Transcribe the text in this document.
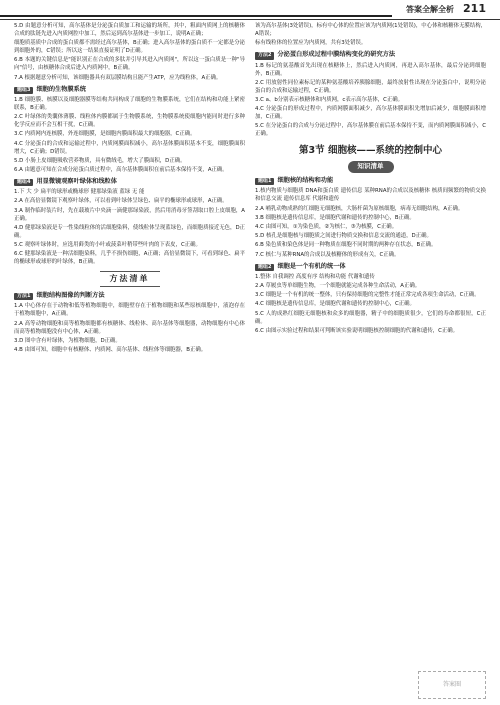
答案全解全析 211

5.D 由题意分析可知，高尔基体是分泌蛋白质加工和运输的场所，其中，粗面内质网上的核糖体合成的肽链先进入内质网腔中加工，然后运到高尔基体进一步加工，说明A正确；

细胞质基质中合成的蛋白质都不需经过高尔基体，B正确；进入高尔基体的蛋白质不一定都是分泌到细胞外的，C错误；所以这一结果直接证明了D正确。

6.B 本题的关键信息是"能识别正在合成的多肽并引导其进入内质网"，所以这一蛋白质是一种"导向"信号，由核糖体合成后进入内质网中，B正确。

7.A 根据题意分析可知，该细胞器具有双层膜结构且能产生ATP，应为线粒体，A正确。

题组3 细胞的生物膜系统

1.B 细胞膜、核膜以及细胞器膜等结构共同构成了细胞的生物膜系统，它们在结构和功能上紧密联系，B正确。

2.C 叶绿体的类囊体薄膜、线粒体内膜都属于生物膜系统，生物膜系统使细胞内能同时进行多种化学反应而不会互相干扰，C正确。

3.C 内质网内连核膜，外连细胞膜，是细胞内膜面积最大的细胞器，C正确。

4.C 分泌蛋白的合成和运输过程中，内质网膜面积减小，高尔基体膜面积基本不变，细胞膜面积增大，C正确；D错误。

5.D 小肠上皮细胞吸收营养物质，具有微绒毛，增大了膜面积，D正确。

6.A 由题意可知在合成分泌蛋白质过程中，高尔基体膜面积在前后基本保持不变，A正确。

题组4 用显微镜观察叶绿体和线粒体

1.下 大 少 扁平的球形或椭球形 健那绿染液 蓝绿 无 能

2.A 在高倍显微镜下观察叶绿体，可以看到叶绿体呈绿色、扁平的椭球形或球形，A正确。

3.A 制作临时装片时，先在载玻片中央滴一滴健那绿染液，然后用消毒牙签刮取口腔上皮细胞，A正确。

4.D 健那绿染液是专一性染线粒体的活细胞染料，使线粒体呈现蓝绿色，而细胞质接近无色，D正确。

5.C 观察叶绿体时，应选用藓类的小叶或菠菜叶稍带些叶肉的下表皮，C正确。

6.C 健那绿染液是一种活细胞染料，几乎不损伤细胞，A正确；高倍显微镜下，可看到绿色、扁平的椭球形或球形的叶绿体，B正确。

方法清单
方法1 细胞结构图像的判断方法

1.A 中心体存在于动物和低等植物细胞中，细胞壁存在于植物细胞和某些原核细胞中，液泡存在于植物细胞中，A正确。

2.A 高等动物细胞和高等植物细胞都有核糖体、线粒体、高尔基体等细胞器，动物细胞有中心体而高等植物细胞没有中心体，A正确。

3.D 图中含有叶绿体，为植物细胞，D正确。

4.B 由图可知，细胞中有核糖体、内质网、高尔基体、线粒体等细胞器，B正确。

该为高尔基体(3处错误)，标有中心体的位置应该为内质网(1处错误)，中心体和核糖体无膜结构，A错误；

标有线粒体的位置应为内质网，共有3处错误。

方法2 分泌蛋白形成过程中膜结构变化的研究方法

1.B 标记的氨基酸首先出现在核糖体上，然后进入内质网，再进入高尔基体，最后分泌到细胞外，B正确。

2.C 用放射性同位素标记的某种氨基酸培养胰腺细胞，最终放射性出现在分泌蛋白中，说明分泌蛋白的合成和运输过程，C正确。

3.C a、b分别表示核糖体和内质网，c表示高尔基体，C正确。

4.C 分泌蛋白的形成过程中，内质网膜面积减少，高尔基体膜面积先增加后减少，细胞膜面积增加，C正确。

5.C 在分泌蛋白的合成与分泌过程中，高尔基体膜在前后基本保持不变，而内质网膜面积减小，C正确。

第3节 细胞核——系统的控制中心
知识清单
题组1 细胞核的结构和功能

1.核内物质与细胞质 DNA和蛋白质 遗传信息 某种RNA的合成以及核糖体 核质间频繁的物质交换和信息交流 遗传信息库 代谢和遗传

2.A 哺乳动物成熟的红细胞无细胞核，大肠杆菌为原核细胞，病毒无细胞结构，A正确。

3.B 细胞核是遗传信息库，是细胞代谢和遗传的控制中心，B正确。

4.C 由图可知，①为染色质，②为核仁，③为核膜，C正确。

5.D 核孔是细胞核与细胞质之间进行物质交换和信息交流的通道，D正确。

6.B 染色质和染色体是同一种物质在细胞不同时期的两种存在状态，B正确。

7.C 核仁与某种RNA的合成以及核糖体的形成有关，C正确。

题组2 细胞是一个有机的统一体

1.整体 自我调控 高度有序 结构和功能 代谢和遗传

2.A 草履虫等单细胞生物，一个细胞就能完成各种生命活动，A正确。

3.C 细胞是一个有机的统一整体，只有保持细胞的完整性才能正常完成各项生命活动，C正确。

4.C 细胞核是遗传信息库，是细胞代谢和遗传的控制中心，C正确。

5.C 人的成熟红细胞无细胞核和众多的细胞器，精子中的细胞质很少，它们的寿命都很短，C正确。

6.C 由图示实验过程和结果可判断该实验说明细胞核控制细胞的代谢和遗传，C正确。

答案圈
